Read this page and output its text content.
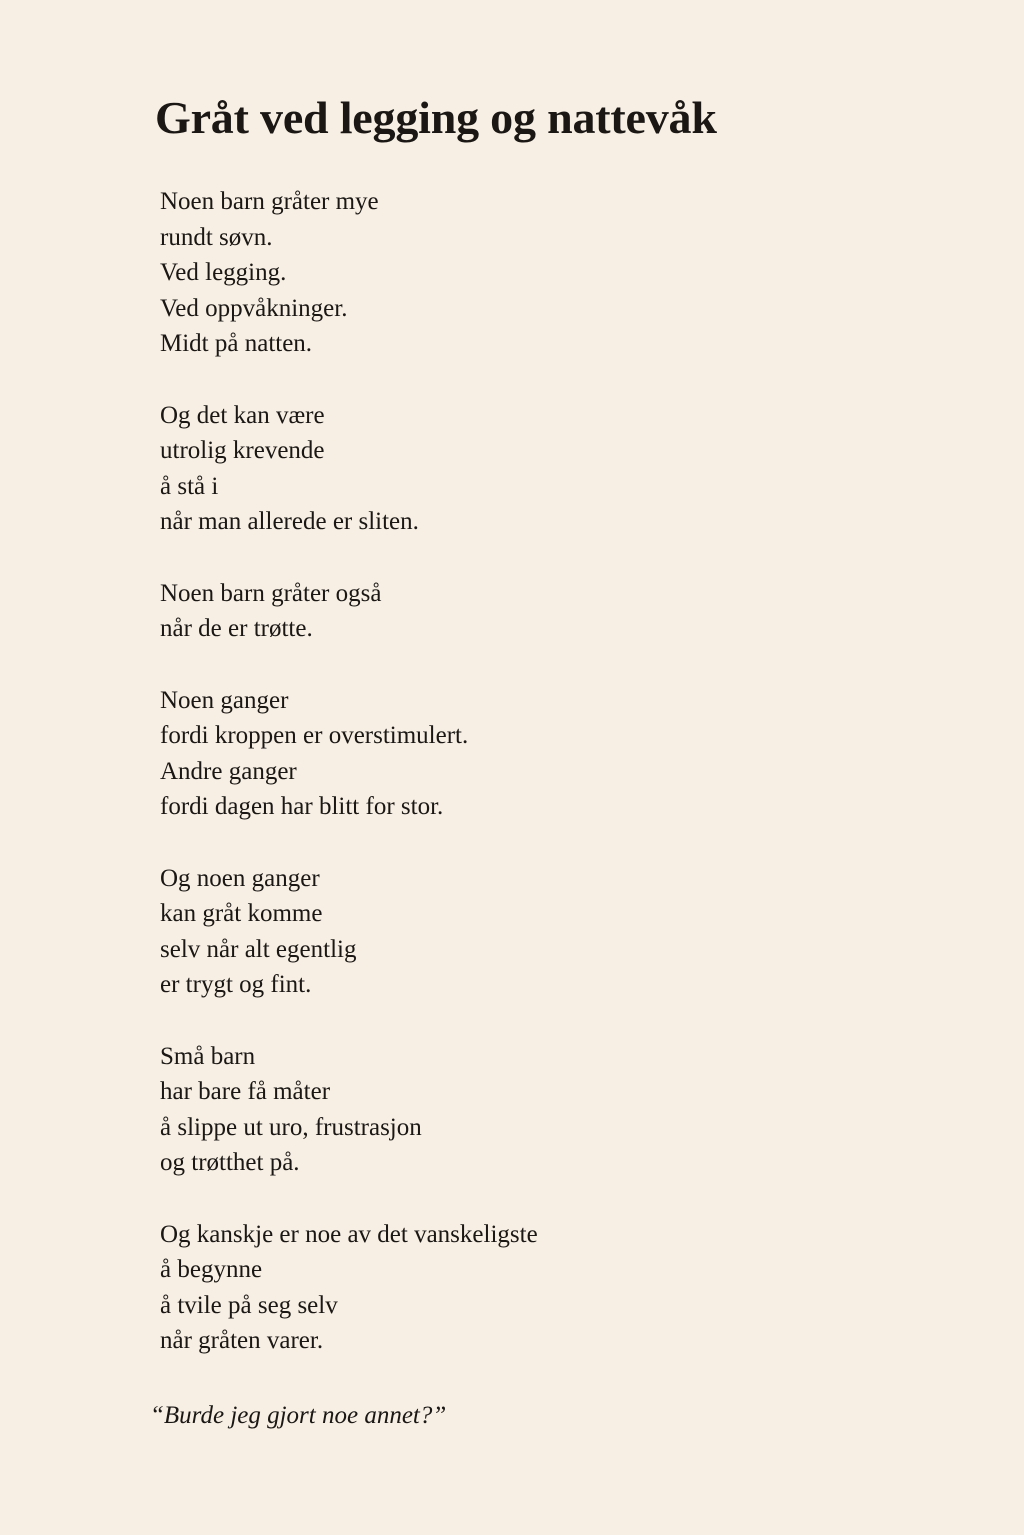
Gråt ved legging og nattevåk
Noen barn gråter mye
rundt søvn.
Ved legging.
Ved oppvåkninger.
Midt på natten.
Og det kan være
utrolig krevende
å stå i
når man allerede er sliten.
Noen barn gråter også
når de er trøtte.
Noen ganger
fordi kroppen er overstimulert.
Andre ganger
fordi dagen har blitt for stor.
Og noen ganger
kan gråt komme
selv når alt egentlig
er trygt og fint.
Små barn
har bare få måter
å slippe ut uro, frustrasjon
og trøtthet på.
Og kanskje er noe av det vanskeligste
å begynne
å tvile på seg selv
når gråten varer.

“Burde jeg gjort noe annet?”
